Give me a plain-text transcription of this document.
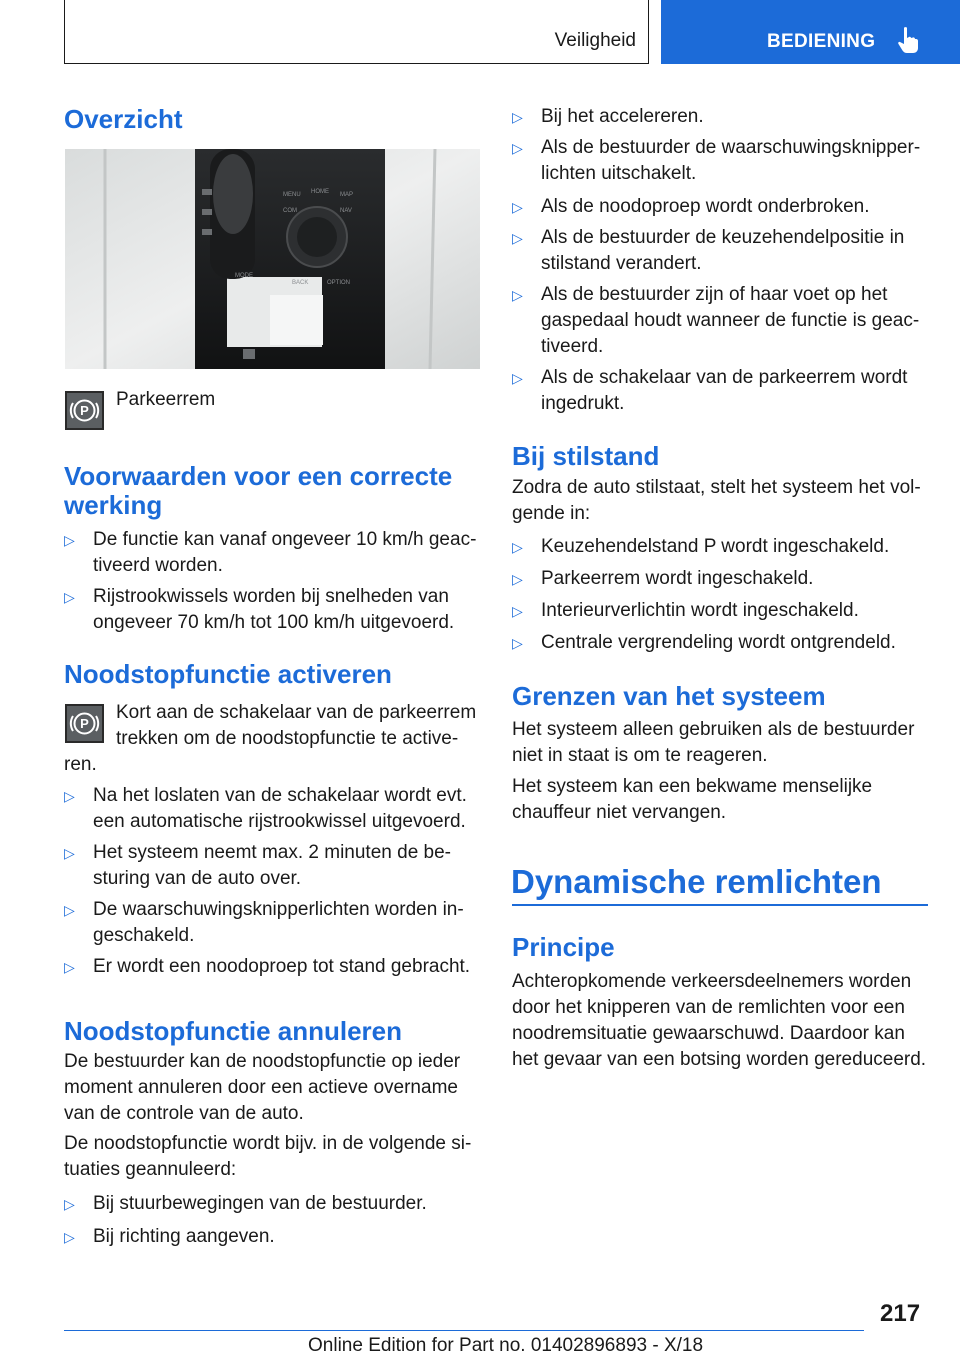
Veiligheid	BEDIENING
Overzicht
MENU HOME MAP
COM	NAV
BACK	OPTION
MODE
P
Parkeerrem
Voorwaarden voor een correcte
werking
▷ De functie kan vanaf ongeveer 10 km/h geac-
tiveerd worden.
▷ Rijstrookwissels worden bij snelheden van
ongeveer 70 km/h tot 100 km/h uitgevoerd.
Noodstopfunctie activeren
P
Kort aan de schakelaar van de parkeerrem
trekken om de noodstopfunctie te active-
ren.
▷ Na het loslaten van de schakelaar wordt evt.
een automatische rijstrookwissel uitgevoerd.
▷ Het systeem neemt max. 2 minuten de be-
sturing van de auto over.
▷ De waarschuwingsknipperlichten worden in-
geschakeld.
▷ Er wordt een noodoproep tot stand gebracht.
Noodstopfunctie annuleren
De bestuurder kan de noodstopfunctie op ieder
moment annuleren door een actieve overname
van de controle van de auto.
De noodstopfunctie wordt bijv. in de volgende si-
tuaties geannuleerd:
▷ Bij stuurbewegingen van de bestuurder.
▷ Bij richting aangeven.
▷ Bij het accelereren.
▷ Als de bestuurder de waarschuwingsknipper-
lichten uitschakelt.
▷ Als de noodoproep wordt onderbroken.
▷ Als de bestuurder de keuzehendelpositie in
stilstand verandert.
▷ Als de bestuurder zijn of haar voet op het
gaspedaal houdt wanneer de functie is geac-
tiveerd.
▷ Als de schakelaar van de parkeerrem wordt
ingedrukt.
Bij stilstand
Zodra de auto stilstaat, stelt het systeem het vol-
gende in:
▷ Keuzehendelstand P wordt ingeschakeld.
▷ Parkeerrem wordt ingeschakeld.
▷ Interieurverlichtin wordt ingeschakeld.
▷ Centrale vergrendeling wordt ontgrendeld.
Grenzen van het systeem
Het systeem alleen gebruiken als de bestuurder
niet in staat is om te reageren.
Het systeem kan een bekwame menselijke
chauffeur niet vervangen.
Dynamische remlichten
Principe
Achteropkomende verkeersdeelnemers worden
door het knipperen van de remlichten voor een
noodremsituatie gewaarschuwd. Daardoor kan
het gevaar van een botsing worden gereduceerd.
217
Online Edition for Part no. 01402896893 - X/18
